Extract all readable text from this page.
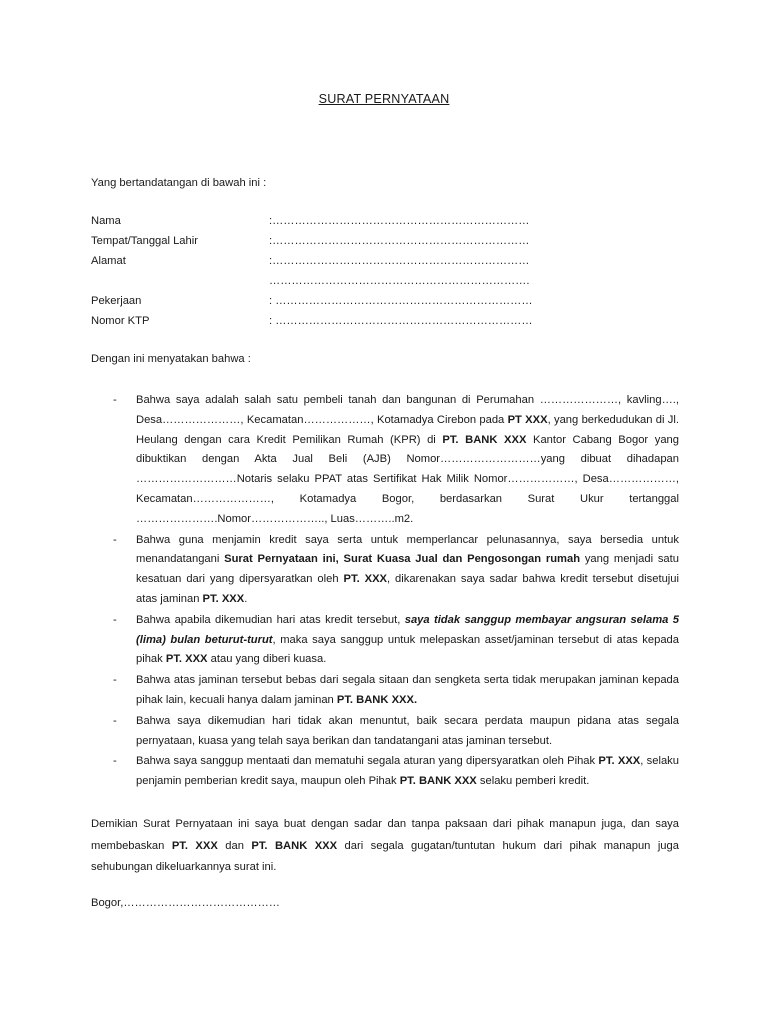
SURAT PERNYATAAN
Yang bertandatangan di bawah ini :
Nama	:……………………………………………………………
Tempat/Tanggal Lahir	:……………………………………………………………
Alamat	:……………………………………………………………
…………………………………………………………….
Pekerjaan	: ……………………………………………………………
Nomor KTP	: ……………………………………………………………
Dengan ini menyatakan bahwa :
- Bahwa saya adalah salah satu pembeli tanah dan bangunan di Perumahan …………………, kavling…., Desa…………………, Kecamatan………………, Kotamadya Cirebon pada PT XXX, yang berkedudukan di Jl. Heulang dengan cara Kredit Pemilikan Rumah (KPR) di PT. BANK XXX Kantor Cabang Bogor yang dibuktikan dengan Akta Jual Beli (AJB) Nomor………………………yang dibuat dihadapan ………………………Notaris selaku PPAT atas Sertifikat Hak Milik Nomor………………, Desa………………, Kecamatan…………………, Kotamadya Bogor, berdasarkan Surat Ukur tertanggal ………………….Nomor……………….., Luas………..m2.
- Bahwa guna menjamin kredit saya serta untuk memperlancar pelunasannya, saya bersedia untuk menandatangani Surat Pernyataan ini, Surat Kuasa Jual dan Pengosongan rumah yang menjadi satu kesatuan dari yang dipersyaratkan oleh PT. XXX, dikarenakan saya sadar bahwa kredit tersebut disetujui atas jaminan PT. XXX.
- Bahwa apabila dikemudian hari atas kredit tersebut, saya tidak sanggup membayar angsuran selama 5 (lima) bulan beturut-turut, maka saya sanggup untuk melepaskan asset/jaminan tersebut di atas kepada pihak PT. XXX atau yang diberi kuasa.
- Bahwa atas jaminan tersebut bebas dari segala sitaan dan sengketa serta tidak merupakan jaminan kepada pihak lain, kecuali hanya dalam jaminan PT. BANK XXX.
- Bahwa saya dikemudian hari tidak akan menuntut, baik secara perdata maupun pidana atas segala pernyataan, kuasa yang telah saya berikan dan tandatangani atas jaminan tersebut.
- Bahwa saya sanggup mentaati dan mematuhi segala aturan yang dipersyaratkan oleh Pihak PT. XXX, selaku penjamin pemberian kredit saya, maupun oleh Pihak PT. BANK XXX selaku pemberi kredit.
Demikian Surat Pernyataan ini saya buat dengan sadar dan tanpa paksaan dari pihak manapun juga, dan saya membebaskan PT. XXX dan PT. BANK XXX dari segala gugatan/tuntutan hukum dari pihak manapun juga sehubungan dikeluarkannya surat ini.
Bogor,……………………………………
